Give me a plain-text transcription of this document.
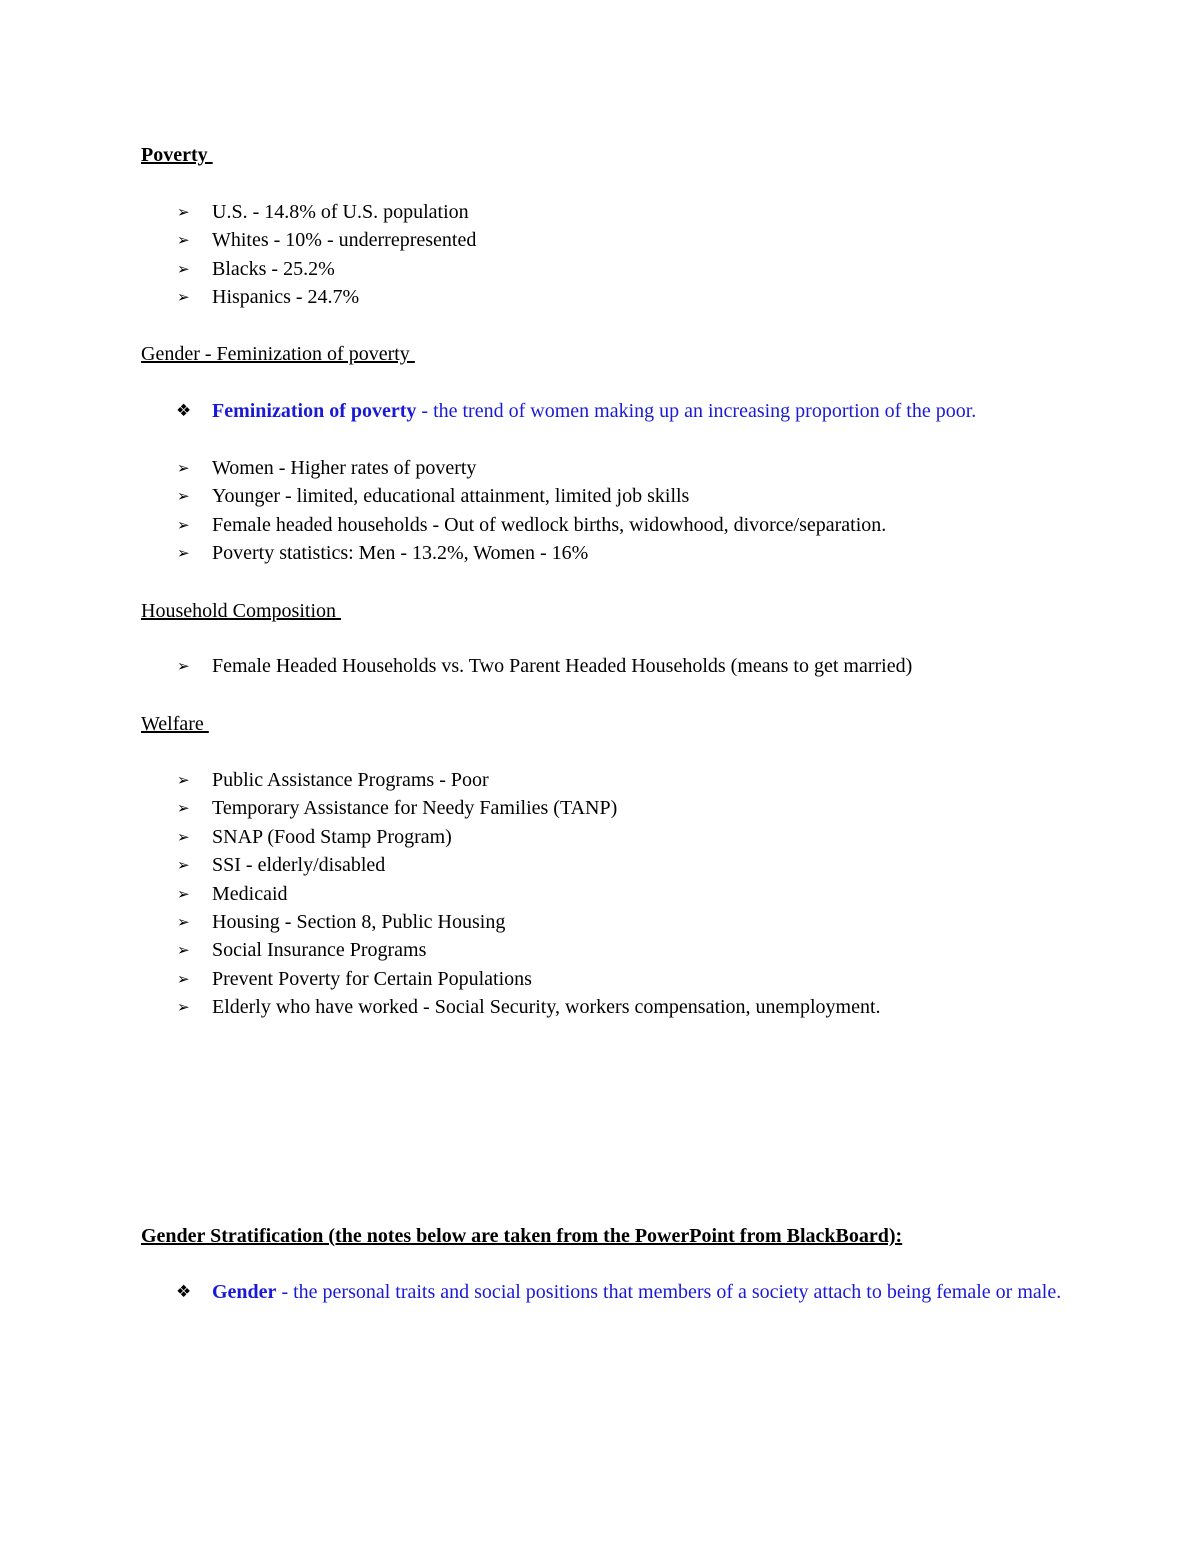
Poverty
➢	U.S. - 14.8% of U.S. population
➢	Whites - 10% - underrepresented
➢	Blacks - 25.2%
➢	Hispanics - 24.7%
Gender - Feminization of poverty
❖ Feminization of poverty - the trend of women making up an increasing proportion of the poor.
➢	Women - Higher rates of poverty
➢	Younger - limited, educational attainment, limited job skills
➢	Female headed households - Out of wedlock births, widowhood, divorce/separation.
➢	Poverty statistics: Men - 13.2%, Women - 16%
Household Composition
➢	Female Headed Households vs. Two Parent Headed Households (means to get married)
Welfare
➢	Public Assistance Programs - Poor
➢	Temporary Assistance for Needy Families (TANP)
➢	SNAP (Food Stamp Program)
➢	SSI - elderly/disabled
➢	Medicaid
➢	Housing - Section 8, Public Housing
➢	Social Insurance Programs
➢	Prevent Poverty for Certain Populations
➢	Elderly who have worked - Social Security, workers compensation, unemployment.
Gender Stratification (the notes below are taken from the PowerPoint from BlackBoard):
❖ Gender - the personal traits and social positions that members of a society attach to being female or male.
